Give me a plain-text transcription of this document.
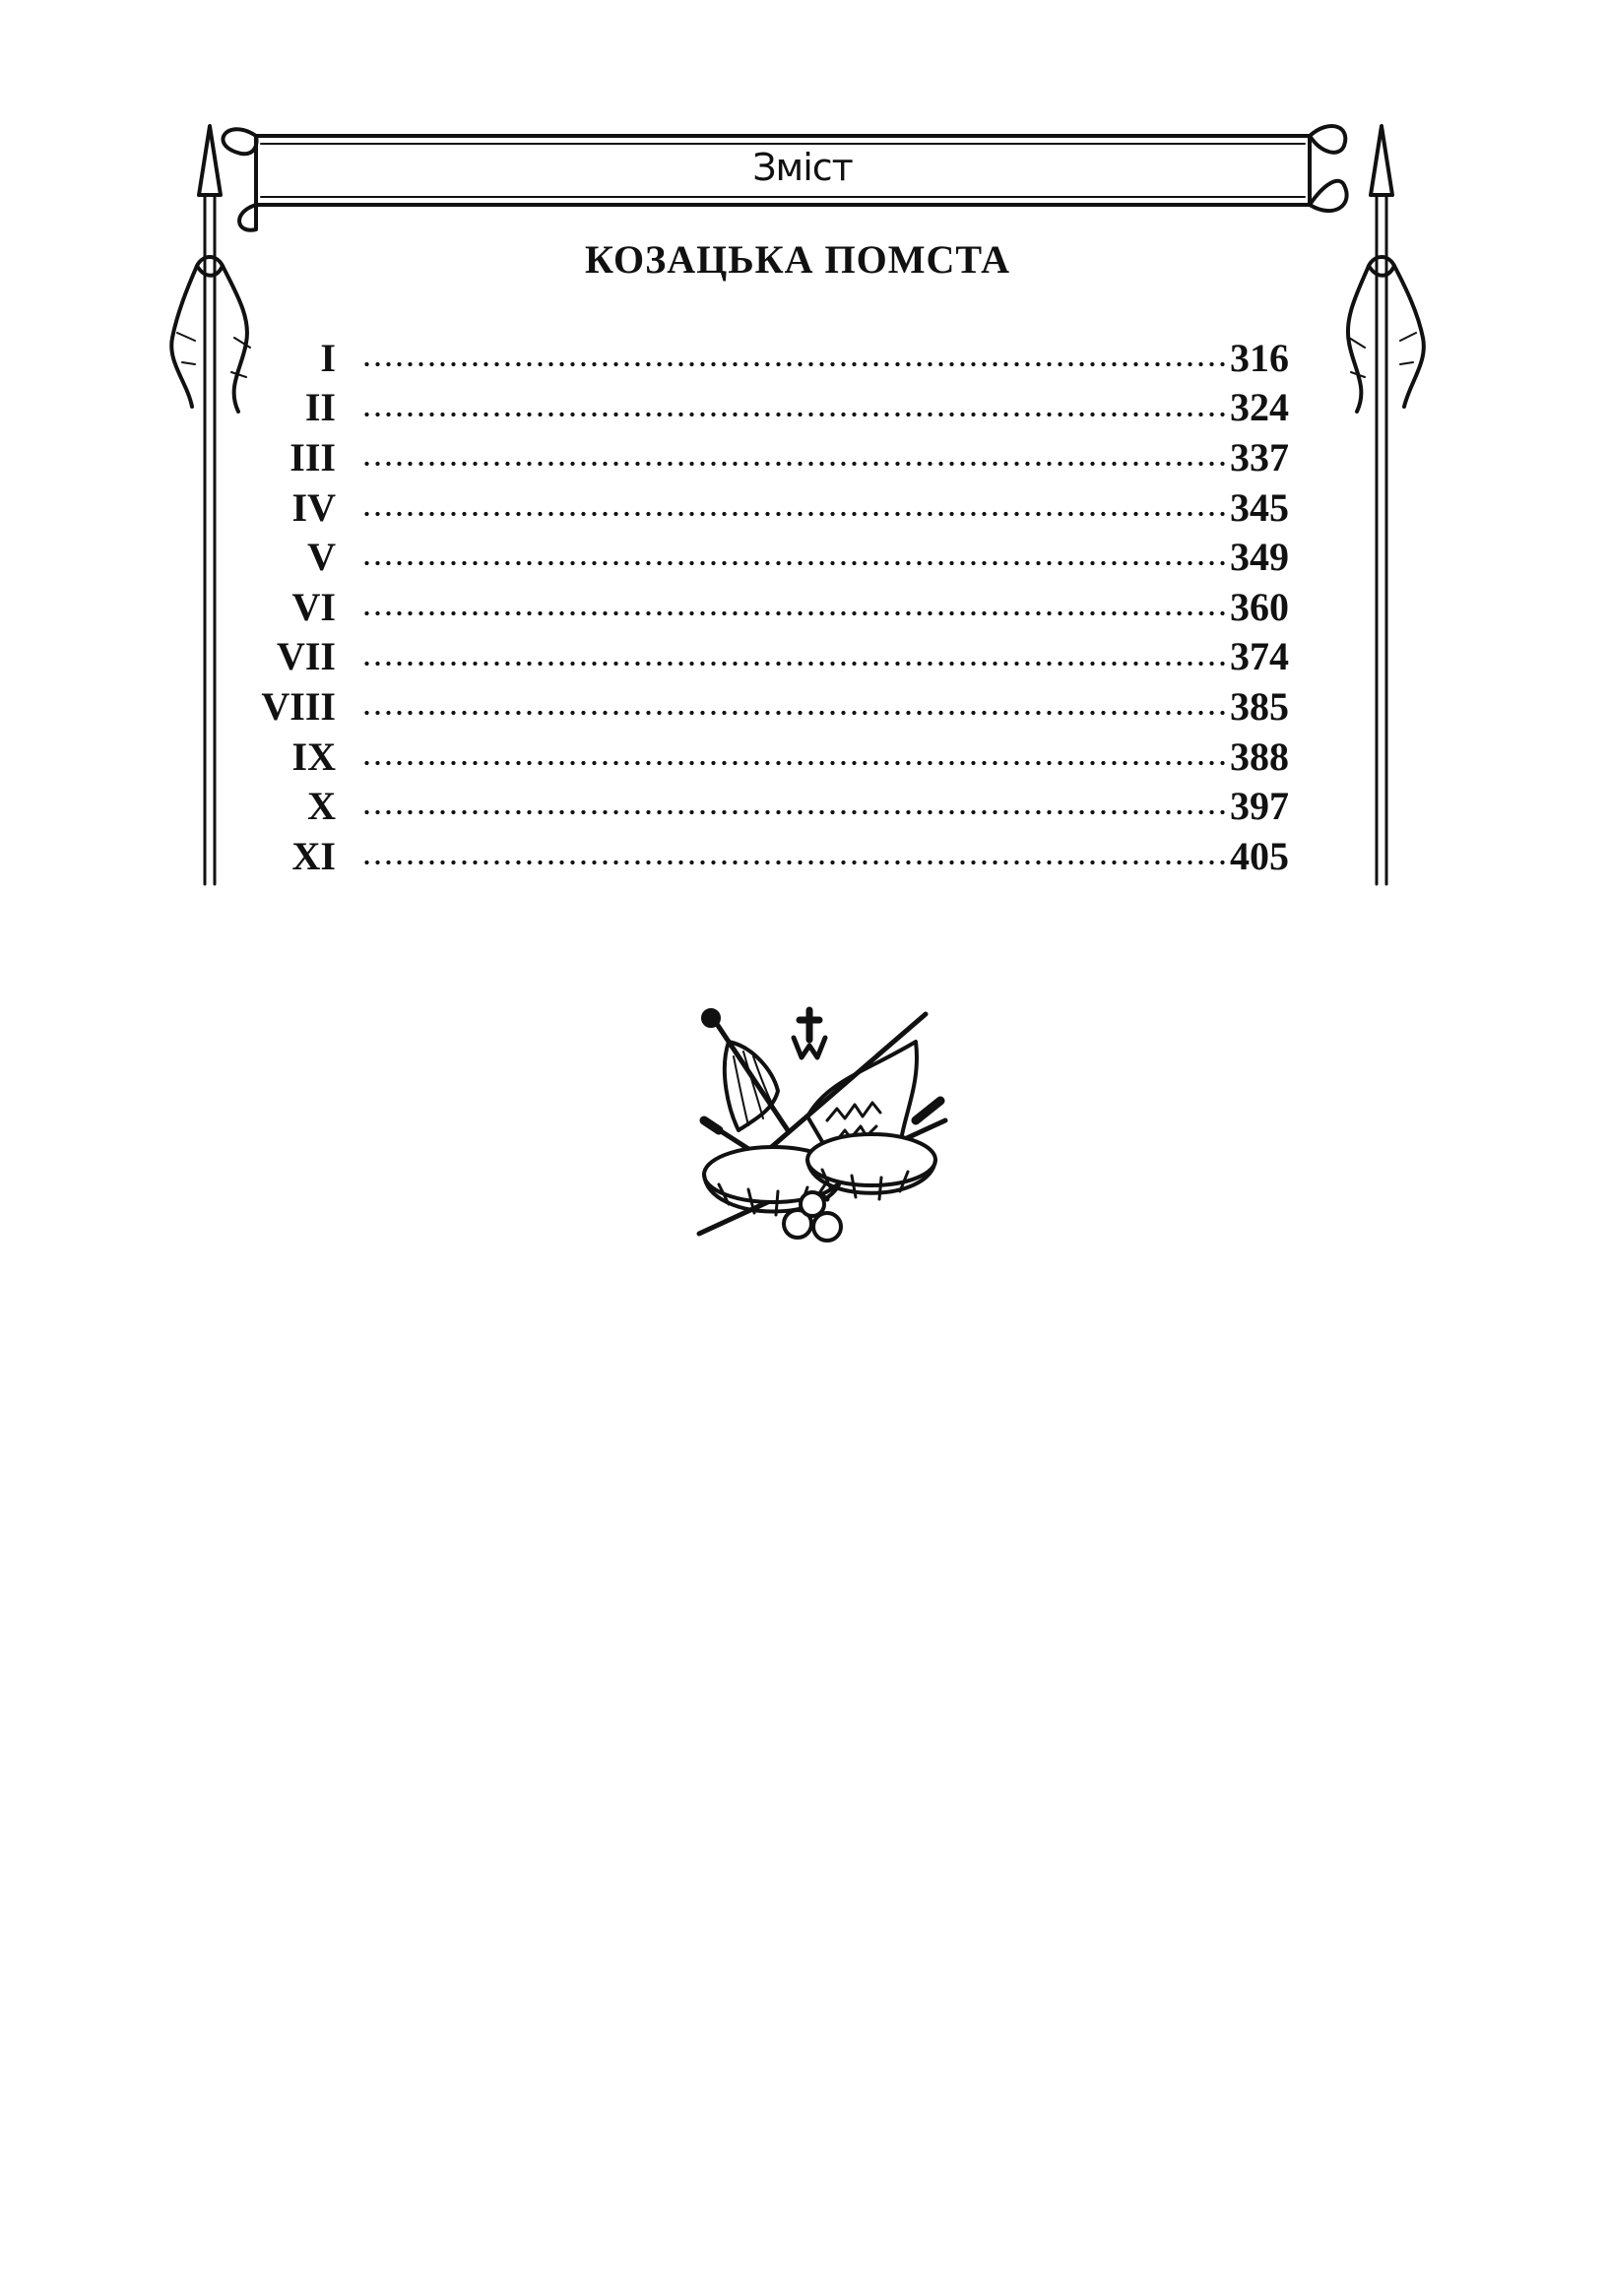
Зміст
КОЗАЦЬКА ПОМСТА
I	316
II	324
III	337
IV	345
V	349
VI	360
VII	374
VIII	385
IX	388
X	397
XI	405
